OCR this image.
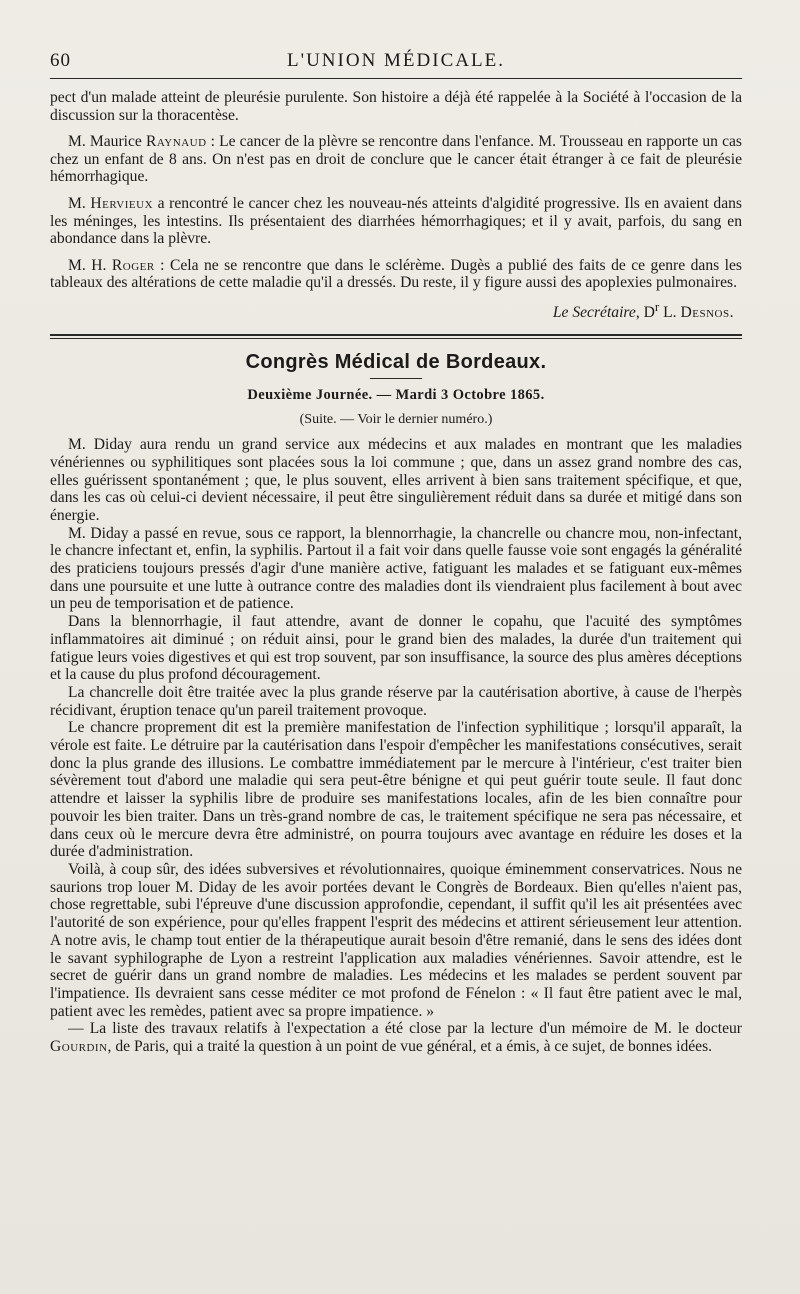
60	L'UNION MÉDICALE.

pect d'un malade atteint de pleurésie purulente. Son histoire a déjà été rappelée à la Société à l'occasion de la discussion sur la thoracentèse.

M. Maurice Raynaud : Le cancer de la plèvre se rencontre dans l'enfance. M. Trousseau en rapporte un cas chez un enfant de 8 ans. On n'est pas en droit de conclure que le cancer était étranger à ce fait de pleurésie hémorrhagique.

M. Hervieux a rencontré le cancer chez les nouveau-nés atteints d'algidité progressive. Ils en avaient dans les méninges, les intestins. Ils présentaient des diarrhées hémorrhagiques; et il y avait, parfois, du sang en abondance dans la plèvre.

M. H. Roger : Cela ne se rencontre que dans le sclérème. Dugès a publié des faits de ce genre dans les tableaux des altérations de cette maladie qu'il a dressés. Du reste, il y figure aussi des apoplexies pulmonaires.

Le Secrétaire, $D^r$ L. Desnos.
Congrès Médical de Bordeaux.
Deuxième Journée. — Mardi 3 Octobre 1865.
(Suite. — Voir le dernier numéro.)

M. Diday aura rendu un grand service aux médecins et aux malades en montrant que les maladies vénériennes ou syphilitiques sont placées sous la loi commune ; que, dans un assez grand nombre des cas, elles guérissent spontanément ; que, le plus souvent, elles arrivent à bien sans traitement spécifique, et que, dans les cas où celui-ci devient nécessaire, il peut être singulièrement réduit dans sa durée et mitigé dans son énergie.

M. Diday a passé en revue, sous ce rapport, la blennorrhagie, la chancrelle ou chancre mou, non-infectant, le chancre infectant et, enfin, la syphilis. Partout il a fait voir dans quelle fausse voie sont engagés la généralité des praticiens toujours pressés d'agir d'une manière active, fatiguant les malades et se fatiguant eux-mêmes dans une poursuite et une lutte à outrance contre des maladies dont ils viendraient plus facilement à bout avec un peu de temporisation et de patience.

Dans la blennorrhagie, il faut attendre, avant de donner le copahu, que l'acuité des symptômes inflammatoires ait diminué ; on réduit ainsi, pour le grand bien des malades, la durée d'un traitement qui fatigue leurs voies digestives et qui est trop souvent, par son insuffisance, la source des plus amères déceptions et la cause du plus profond découragement.

La chancrelle doit être traitée avec la plus grande réserve par la cautérisation abortive, à cause de l'herpès récidivant, éruption tenace qu'un pareil traitement provoque.

Le chancre proprement dit est la première manifestation de l'infection syphilitique ; lorsqu'il apparaît, la vérole est faite. Le détruire par la cautérisation dans l'espoir d'empêcher les manifestations consécutives, serait donc la plus grande des illusions. Le combattre immédiatement par le mercure à l'intérieur, c'est traiter bien sévèrement tout d'abord une maladie qui sera peut-être bénigne et qui peut guérir toute seule. Il faut donc attendre et laisser la syphilis libre de produire ses manifestations locales, afin de les bien connaître pour pouvoir les bien traiter. Dans un très-grand nombre de cas, le traitement spécifique ne sera pas nécessaire, et dans ceux où le mercure devra être administré, on pourra toujours avec avantage en réduire les doses et la durée d'administration.

Voilà, à coup sûr, des idées subversives et révolutionnaires, quoique éminemment conservatrices. Nous ne saurions trop louer M. Diday de les avoir portées devant le Congrès de Bordeaux. Bien qu'elles n'aient pas, chose regrettable, subi l'épreuve d'une discussion approfondie, cependant, il suffit qu'il les ait présentées avec l'autorité de son expérience, pour qu'elles frappent l'esprit des médecins et attirent sérieusement leur attention. A notre avis, le champ tout entier de la thérapeutique aurait besoin d'être remanié, dans le sens des idées dont le savant syphilographe de Lyon a restreint l'application aux maladies vénériennes. Savoir attendre, est le secret de guérir dans un grand nombre de maladies. Les médecins et les malades se perdent souvent par l'impatience. Ils devraient sans cesse méditer ce mot profond de Fénelon : « Il faut être patient avec le mal, patient avec les remèdes, patient avec sa propre impatience. »

— La liste des travaux relatifs à l'expectation a été close par la lecture d'un mémoire de M. le docteur Gourdin, de Paris, qui a traité la question à un point de vue général, et a émis, à ce sujet, de bonnes idées.
